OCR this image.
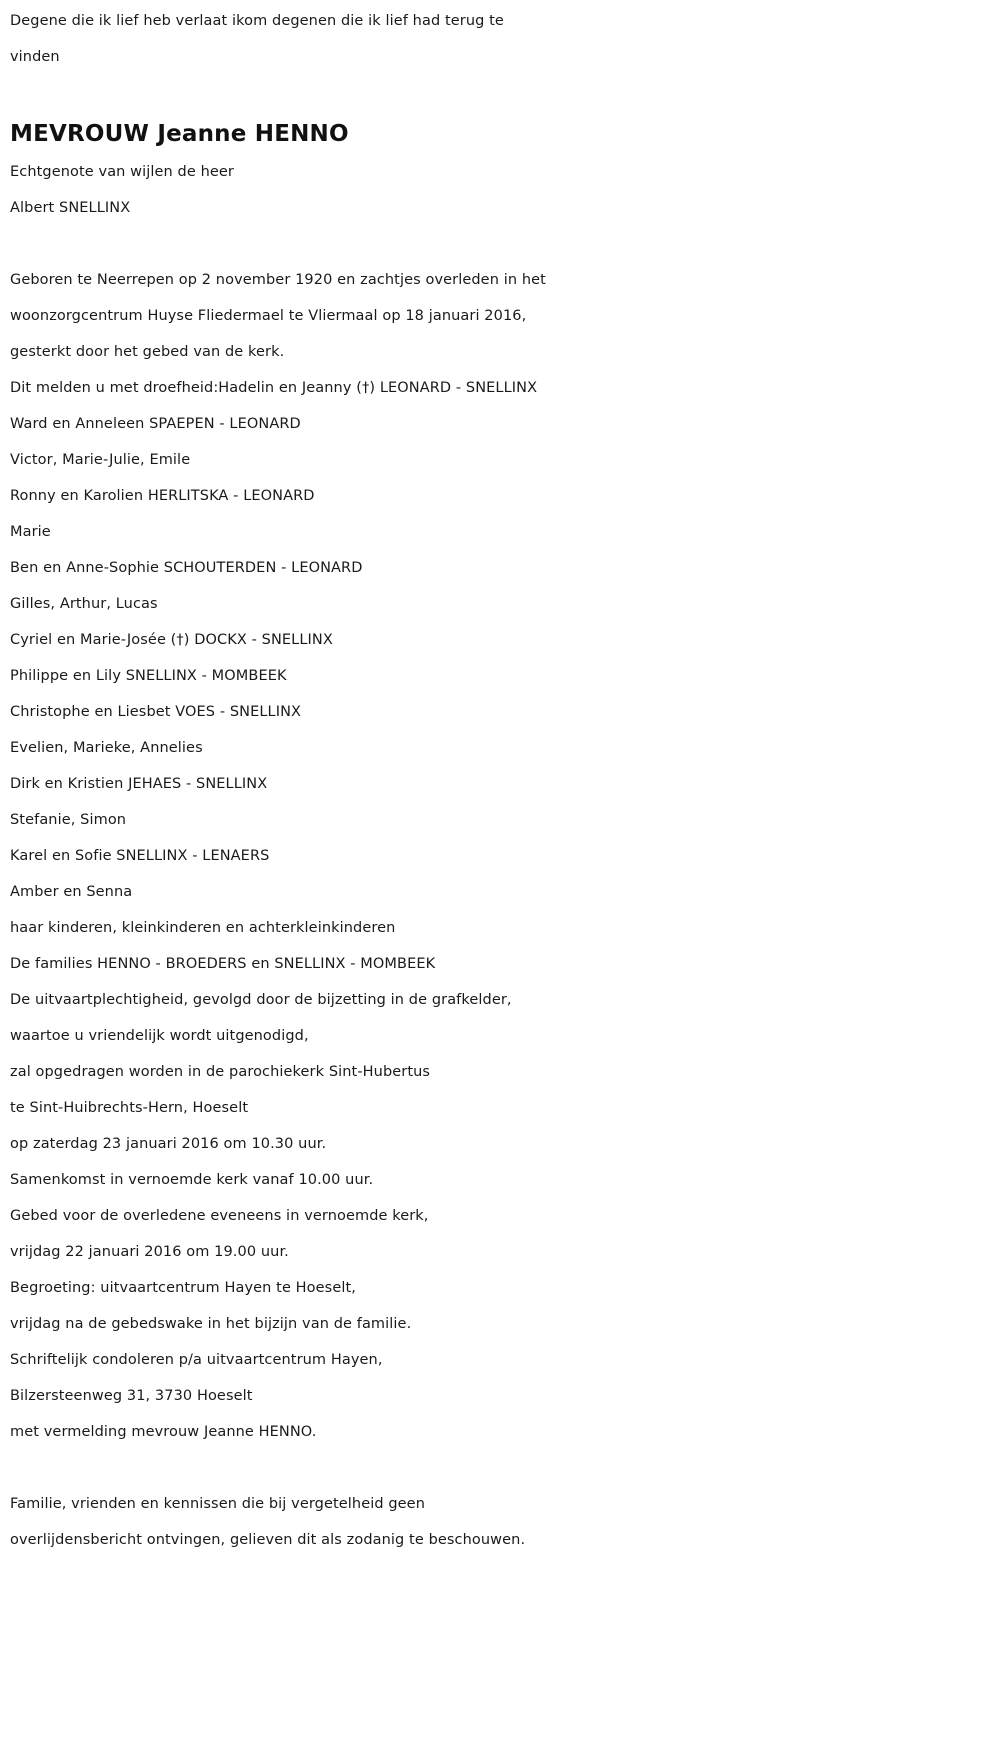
Degene die ik lief heb verlaat ikom degenen die ik lief had terug te
vinden
MEVROUW Jeanne HENNO
Echtgenote van wijlen de heer
Albert SNELLINX
Geboren te Neerrepen op 2 november 1920 en zachtjes overleden in het
woonzorgcentrum Huyse Fliedermael te Vliermaal op 18 januari 2016,
gesterkt door het gebed van de kerk.
Dit melden u met droefheid:Hadelin en Jeanny (†) LEONARD - SNELLINX
Ward en Anneleen SPAEPEN - LEONARD
Victor, Marie-Julie, Emile
Ronny en Karolien HERLITSKA - LEONARD
Marie
Ben en Anne-Sophie SCHOUTERDEN - LEONARD
Gilles, Arthur, Lucas
Cyriel en Marie-Josée (†) DOCKX - SNELLINX
Philippe en Lily SNELLINX - MOMBEEK
Christophe en Liesbet VOES - SNELLINX
Evelien, Marieke, Annelies
Dirk en Kristien JEHAES - SNELLINX
Stefanie, Simon
Karel en Sofie SNELLINX - LENAERS
Amber en Senna
haar kinderen, kleinkinderen en achterkleinkinderen
De families HENNO - BROEDERS en SNELLINX - MOMBEEK
De uitvaartplechtigheid, gevolgd door de bijzetting in de grafkelder,
waartoe u vriendelijk wordt uitgenodigd,
zal opgedragen worden in de parochiekerk Sint-Hubertus
te Sint-Huibrechts-Hern, Hoeselt
op zaterdag 23 januari 2016 om 10.30 uur.
Samenkomst in vernoemde kerk vanaf 10.00 uur.
Gebed voor de overledene eveneens in vernoemde kerk,
vrijdag 22 januari 2016 om 19.00 uur.
Begroeting: uitvaartcentrum Hayen te Hoeselt,
vrijdag na de gebedswake in het bijzijn van de familie.
Schriftelijk condoleren p/a uitvaartcentrum Hayen,
Bilzersteenweg 31, 3730 Hoeselt
met vermelding mevrouw Jeanne HENNO.
Familie, vrienden en kennissen die bij vergetelheid geen
overlijdensbericht ontvingen, gelieven dit als zodanig te beschouwen.
